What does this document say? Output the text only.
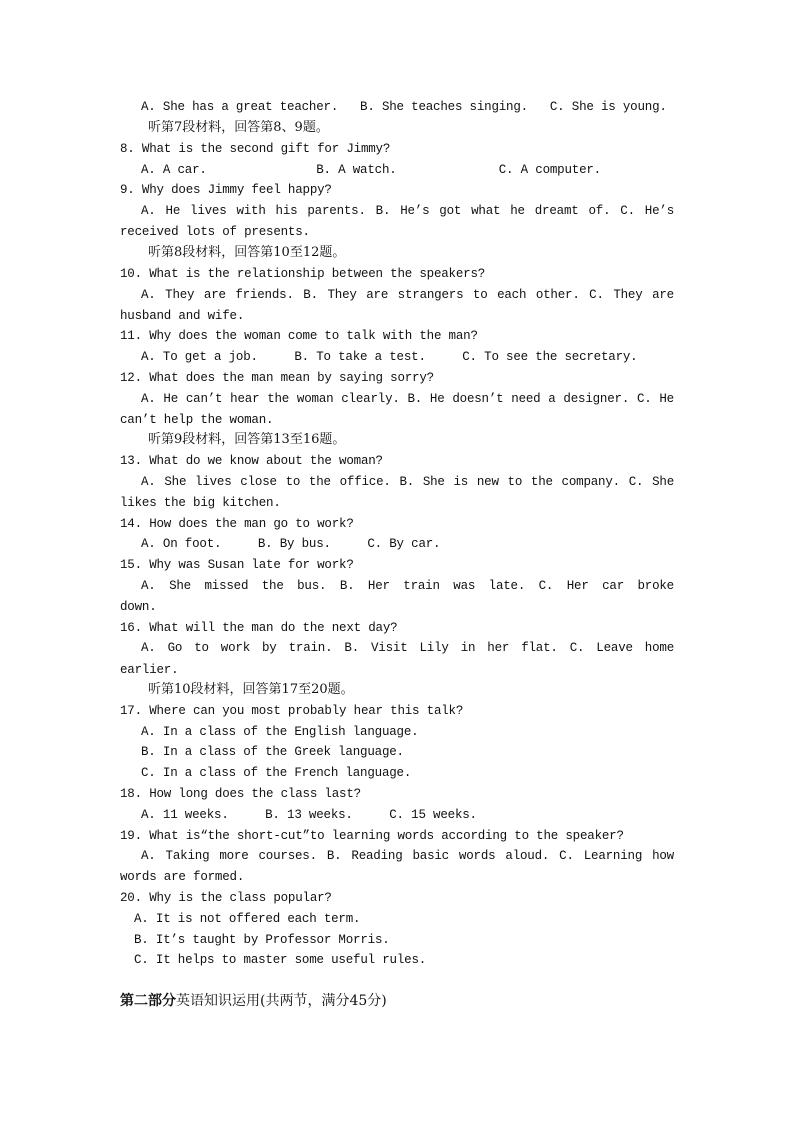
A. She has a great teacher.   B. She teaches singing.   C. She is young.
听第7段材料，回答第8、9题。
8. What is the second gift for Jimmy?
A. A car.               B. A watch.              C. A computer.
9. Why does Jimmy feel happy?
A. He lives with his parents. B. He’s got what he dreamt of. C. He’s
received lots of presents.
听第8段材料，回答第10至12题。
10. What is the relationship between the speakers?
A. They are friends. B. They are strangers to each other. C. They are
husband and wife.
11. Why does the woman come to talk with the man?
A. To get a job.     B. To take a test.     C. To see the secretary.
12. What does the man mean by saying sorry?
A. He can’t hear the woman clearly. B. He doesn’t need a designer. C. He
can’t help the woman.
听第9段材料，回答第13至16题。
13. What do we know about the woman?
A. She lives close to the office. B. She is new to the company. C. She
likes the big kitchen.
14. How does the man go to work?
A. On foot.     B. By bus.     C. By car.
15. Why was Susan late for work?
A. She missed the bus. B. Her train was late. C. Her car broke
down.
16. What will the man do the next day?
A. Go to work by train. B. Visit Lily in her flat. C. Leave home
earlier.
听第10段材料，回答第17至20题。
17. Where can you most probably hear this talk?
A. In a class of the English language.
B. In a class of the Greek language.
C. In a class of the French language.
18. How long does the class last?
A. 11 weeks.     B. 13 weeks.     C. 15 weeks.
19. What is“the short-cut”to learning words according to the speaker?
A. Taking more courses. B. Reading basic words aloud. C. Learning how
words are formed.
20. Why is the class popular?
A. It is not offered each term.
B. It’s taught by Professor Morris.
C. It helps to master some useful rules.
第二部分英语知识运用(共两节，满分45分)
